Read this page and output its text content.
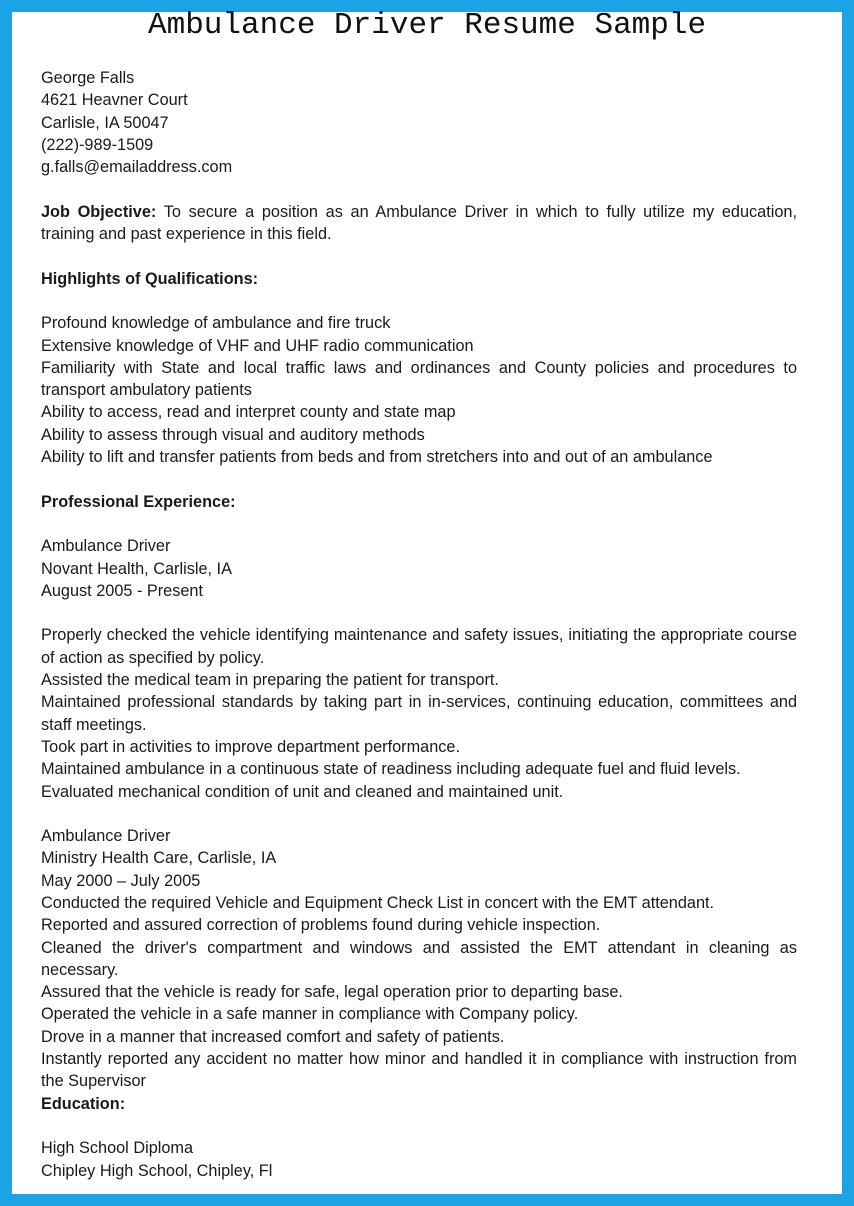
Ambulance Driver Resume Sample

George Falls

4621 Heavner Court

Carlisle, IA 50047

(222)-989-1509

g.falls@emailaddress.com

Job Objective: To secure a position as an Ambulance Driver in which to fully utilize my education, training and past experience in this field.

Highlights of Qualifications:

Profound knowledge of ambulance and fire truck

Extensive knowledge of VHF and UHF radio communication

Familiarity with State and local traffic laws and ordinances and County policies and procedures to transport ambulatory patients

Ability to access, read and interpret county and state map

Ability to assess through visual and auditory methods

Ability to lift and transfer patients from beds and from stretchers into and out of an ambulance

Professional Experience:

Ambulance Driver

Novant Health, Carlisle, IA

August 2005 - Present

Properly checked the vehicle identifying maintenance and safety issues, initiating the appropriate course of action as specified by policy.

Assisted the medical team in preparing the patient for transport.

Maintained professional standards by taking part in in-services, continuing education, committees and staff meetings.

Took part in activities to improve department performance.

Maintained ambulance in a continuous state of readiness including adequate fuel and fluid levels.

Evaluated mechanical condition of unit and cleaned and maintained unit.

Ambulance Driver

Ministry Health Care, Carlisle, IA

May 2000 – July 2005

Conducted the required Vehicle and Equipment Check List in concert with the EMT attendant.

Reported and assured correction of problems found during vehicle inspection.

Cleaned the driver's compartment and windows and assisted the EMT attendant in cleaning as necessary.

Assured that the vehicle is ready for safe, legal operation prior to departing base.

Operated the vehicle in a safe manner in compliance with Company policy.

Drove in a manner that increased comfort and safety of patients.

Instantly reported any accident no matter how minor and handled it in compliance with instruction from the Supervisor

Education:

High School Diploma

Chipley High School, Chipley, Fl
